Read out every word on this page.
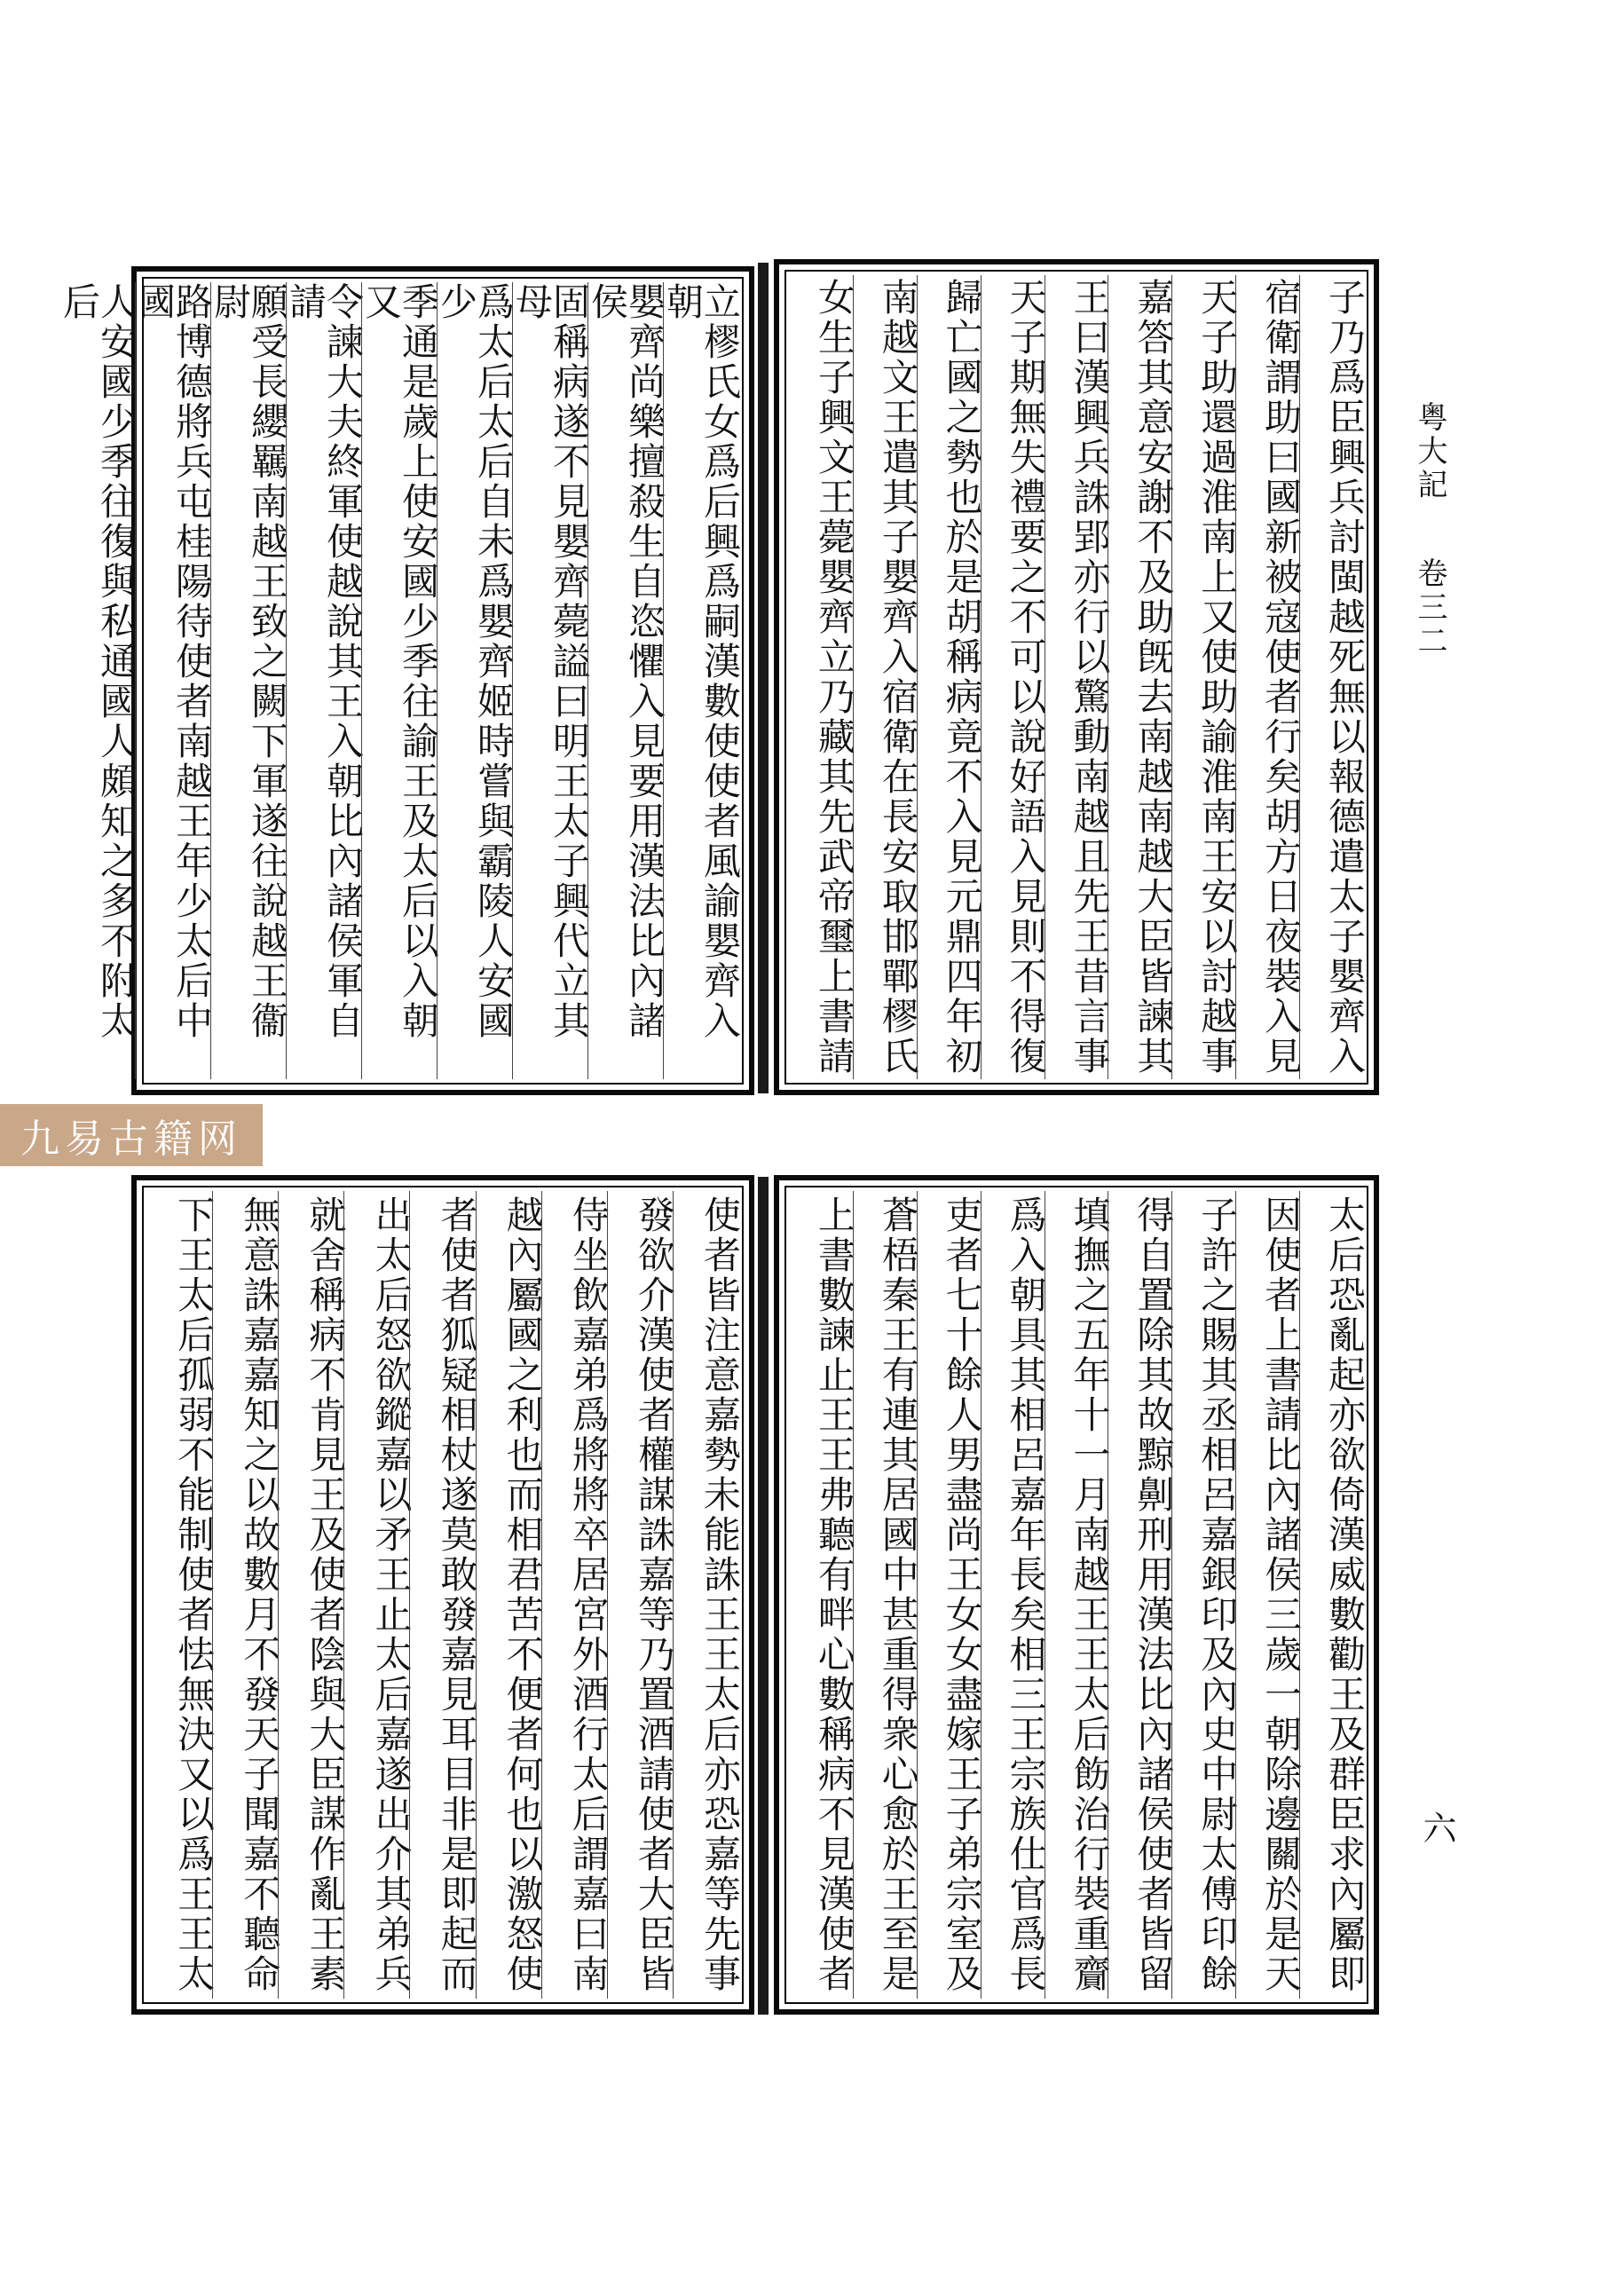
粤大記
卷三二
六
子乃爲臣興兵討閩越死無以報德遣太子嬰齊入
宿衛謂助曰國新被寇使者行矣胡方日夜裝入見
天子助還過淮南上又使助諭淮南王安以討越事
嘉答其意安謝不及助旣去南越南越大臣皆諫其
王曰漢興兵誅郢亦行以驚動南越且先王昔言事
天子期無失禮要之不可以說好語入見則不得復
歸亡國之勢也於是胡稱病竟不入見元鼎四年初
南越文王遣其子嬰齊入宿衛在長安取邯鄲樛氏
女生子興文王薨嬰齊立乃藏其先武帝璽上書請
立樛氏女爲后興爲嗣漢數使使者風諭嬰齊入朝
嬰齊尚樂擅殺生自恣懼入見要用漢法比內諸侯
固稱病遂不見嬰齊薨謚曰明王太子興代立其母
爲太后太后自未爲嬰齊姬時嘗與霸陵人安國少
季通是歲上使安國少季往諭王及太后以入朝又
令諫大夫終軍使越說其王入朝比內諸侯軍自請
願受長纓羈南越王致之闕下軍遂往說越王衞尉
路博德將兵屯桂陽待使者南越王年少太后中國
人安國少季往復與私通國人頗知之多不附太后
太后恐亂起亦欲倚漢威數勸王及群臣求內屬即
因使者上書請比內諸侯三歲一朝除邊關於是天
子許之賜其丞相呂嘉銀印及內史中尉太傅印餘
得自置除其故黥劓刑用漢法比內諸侯使者皆留
填撫之五年十一月南越王王太后飭治行裝重齎
爲入朝具其相呂嘉年長矣相三王宗族仕官爲長
吏者七十餘人男盡尚王女女盡嫁王子弟宗室及
蒼梧秦王有連其居國中甚重得衆心愈於王至是
上書數諫止王王弗聽有畔心數稱病不見漢使者
使者皆注意嘉勢未能誅王王太后亦恐嘉等先事
發欲介漢使者權謀誅嘉等乃置酒請使者大臣皆
侍坐飲嘉弟爲將將卒居宮外酒行太后謂嘉曰南
越內屬國之利也而相君苦不便者何也以激怒使
者使者狐疑相杖遂莫敢發嘉見耳目非是即起而
出太后怒欲鏦嘉以矛王止太后嘉遂出介其弟兵
就舍稱病不肯見王及使者陰與大臣謀作亂王素
無意誅嘉嘉知之以故數月不發天子聞嘉不聽命
下王太后孤弱不能制使者怯無決又以爲王王太
九易古籍网
